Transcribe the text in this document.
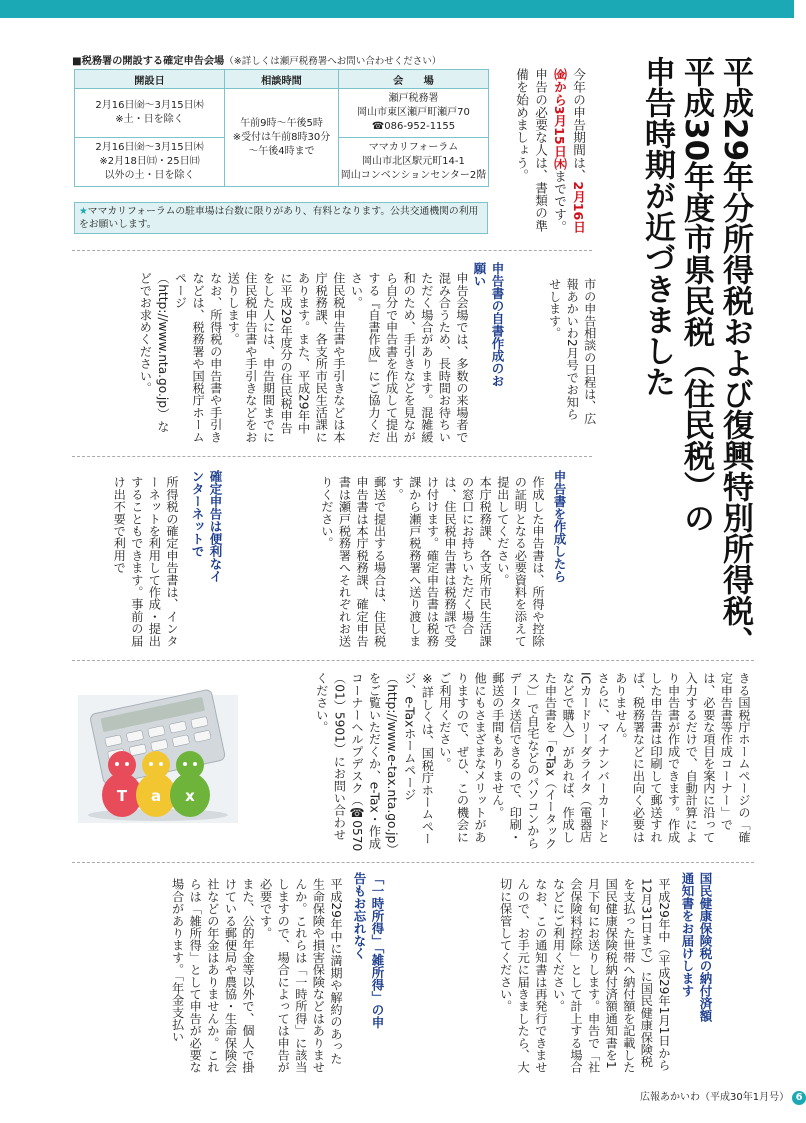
平成29年分所得税および復興特別所得税、
平成30年度市県民税（住民税）の
申告時期が近づきました
今年の申告期間は、2月16日㈮から3月15日㈭までです。申告の必要な人は、書類の準備を始めましょう。
■税務署の開設する確定申告会場（※詳しくは瀬戸税務署へお問い合わせください）
開設日	相談時間	会　　場
2月16日㈮～3月15日㈭
※土・日を除く	午前9時～午後5時
※受付は午前8時30分
～午後4時まで	瀬戸税務署
岡山市東区瀬戸町瀬戸70
☎086-952-1155
2月16日㈮～3月15日㈭
※2月18日㈰・25日㈰
以外の土・日を除く		ママカリフォーラム
岡山市北区駅元町14-1
岡山コンベンションセンター2階
★ママカリフォーラムの駐車場は台数に限りがあり、有料となります。公共交通機関の利用をお願いします。
市の申告相談の日程は、広報あかいわ2月号でお知らせします。
申告書の自書作成のお願い
申告会場では、多数の来場者で混み合うため、長時間お待ちいただく場合があります。混雑緩和のため、手引きなどを見ながら自分で申告書を作成して提出する『自書作成』にご協力ください。
住民税申告書や手引きなどは本庁税務課、各支所市民生活課にあります。また、平成29年中に平成29年度分の住民税申告をした人には、申告期間までに住民税申告書や手引きなどをお送りします。
なお、所得税の申告書や手引きなどは、税務署や国税庁ホームページ（http://www.nta.go.jp）などでお求めください。
申告書を作成したら
作成した申告書は、所得や控除の証明となる必要資料を添えて提出してください。
本庁税務課、各支所市民生活課の窓口にお持ちいただく場合は、住民税申告書は税務課で受け付けます。確定申告書は税務課から瀬戸税務署へ送り渡します。
郵送で提出する場合は、住民税申告書は本庁税務課、確定申告書は瀬戸税務署へそれぞれお送りください。
確定申告は便利なインターネットで
所得税の確定申告書は、インターネットを利用して作成・提出することもできます。事前の届け出不要で利用で
きる国税庁ホームページの「確定申告書等作成コーナー」では、必要な項目を案内に沿って入力するだけで、自動計算により申告書が作成できます。作成した申告書は印刷して郵送すれば、税務署などに出向く必要はありません。
さらに、マイナンバーカードとICカードリーダライタ（電器店などで購入）があれば、作成した申告書を「e-Tax（イータックス）」で自宅などのパソコンからデータ送信できるので、印刷・郵送の手間もありません。
他にもさまざまなメリットがありますので、ぜひ、この機会にご利用ください。
※詳しくは、国税庁ホームページ、e-Taxホームページ（http://www.e-tax.nta.go.jp）をご覧いただくか、e-Tax・作成コーナーヘルプデスク（☎0570（01）5901）にお問い合わせください。
T a x
国民健康保険税の納付済額通知書をお届けします
平成29年中（平成29年1月1日から12月31日まで）に国民健康保険税を支払った世帯へ納付額を記載した国民健康保険税納付済額通知書を1月下旬にお送りします。申告で「社会保険料控除」として計上する場合などにご利用ください。
なお、この通知書は再発行できませんので、お手元に届きましたら、大切に保管してください。
「一時所得」「雑所得」の申告もお忘れなく
平成29年中に満期や解約のあった生命保険や損害保険などはありませんか。これらは「一時所得」に該当しますので、場合によっては申告が必要です。
また、公的年金等以外で、個人で掛けている郵便局や農協・生命保険会社などの年金はありませんか。これらは「雑所得」として申告が必要な場合があります。「年金支払い
広報あかいわ（平成30年1月号） 6
